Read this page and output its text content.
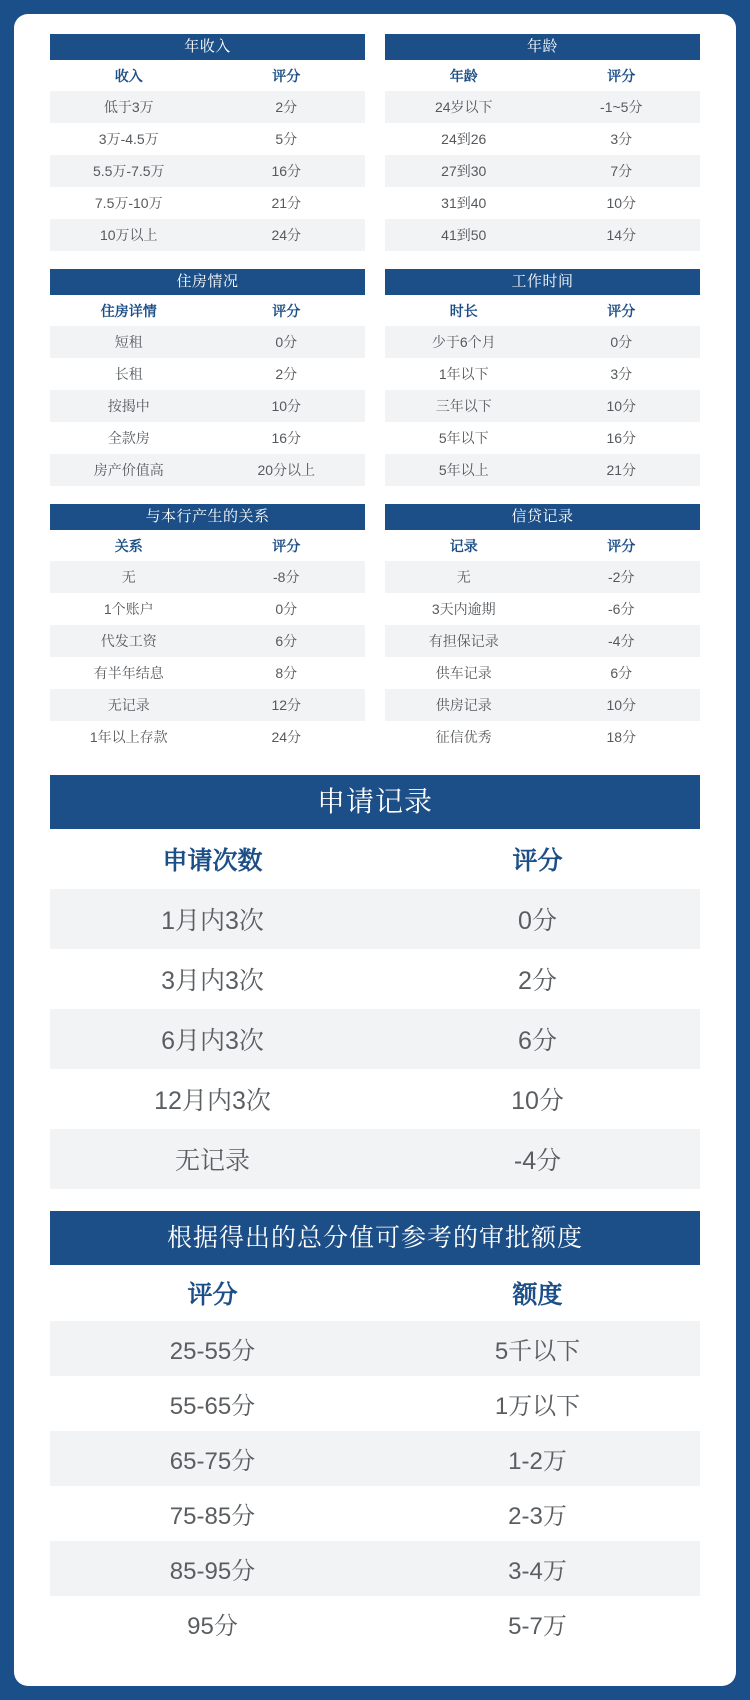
年收入
收入	评分
低于3万	2分
3万-4.5万	5分
5.5万-7.5万	16分
7.5万-10万	21分
10万以上	24分
年龄
年龄	评分
24岁以下	-1~5分
24到26	3分
27到30	7分
31到40	10分
41到50	14分
住房情况
住房详情	评分
短租	0分
长租	2分
按揭中	10分
全款房	16分
房产价值高	20分以上
工作时间
时长	评分
少于6个月	0分
1年以下	3分
三年以下	10分
5年以下	16分
5年以上	21分
与本行产生的关系
关系	评分
无	-8分
1个账户	0分
代发工资	6分
有半年结息	8分
无记录	12分
1年以上存款	24分
信贷记录
记录	评分
无	-2分
3天内逾期	-6分
有担保记录	-4分
供车记录	6分
供房记录	10分
征信优秀	18分
申请记录
申请次数	评分
1月内3次	0分
3月内3次	2分
6月内3次	6分
12月内3次	10分
无记录	-4分
根据得出的总分值可参考的审批额度
评分	额度
25-55分	5千以下
55-65分	1万以下
65-75分	1-2万
75-85分	2-3万
85-95分	3-4万
95分	5-7万
